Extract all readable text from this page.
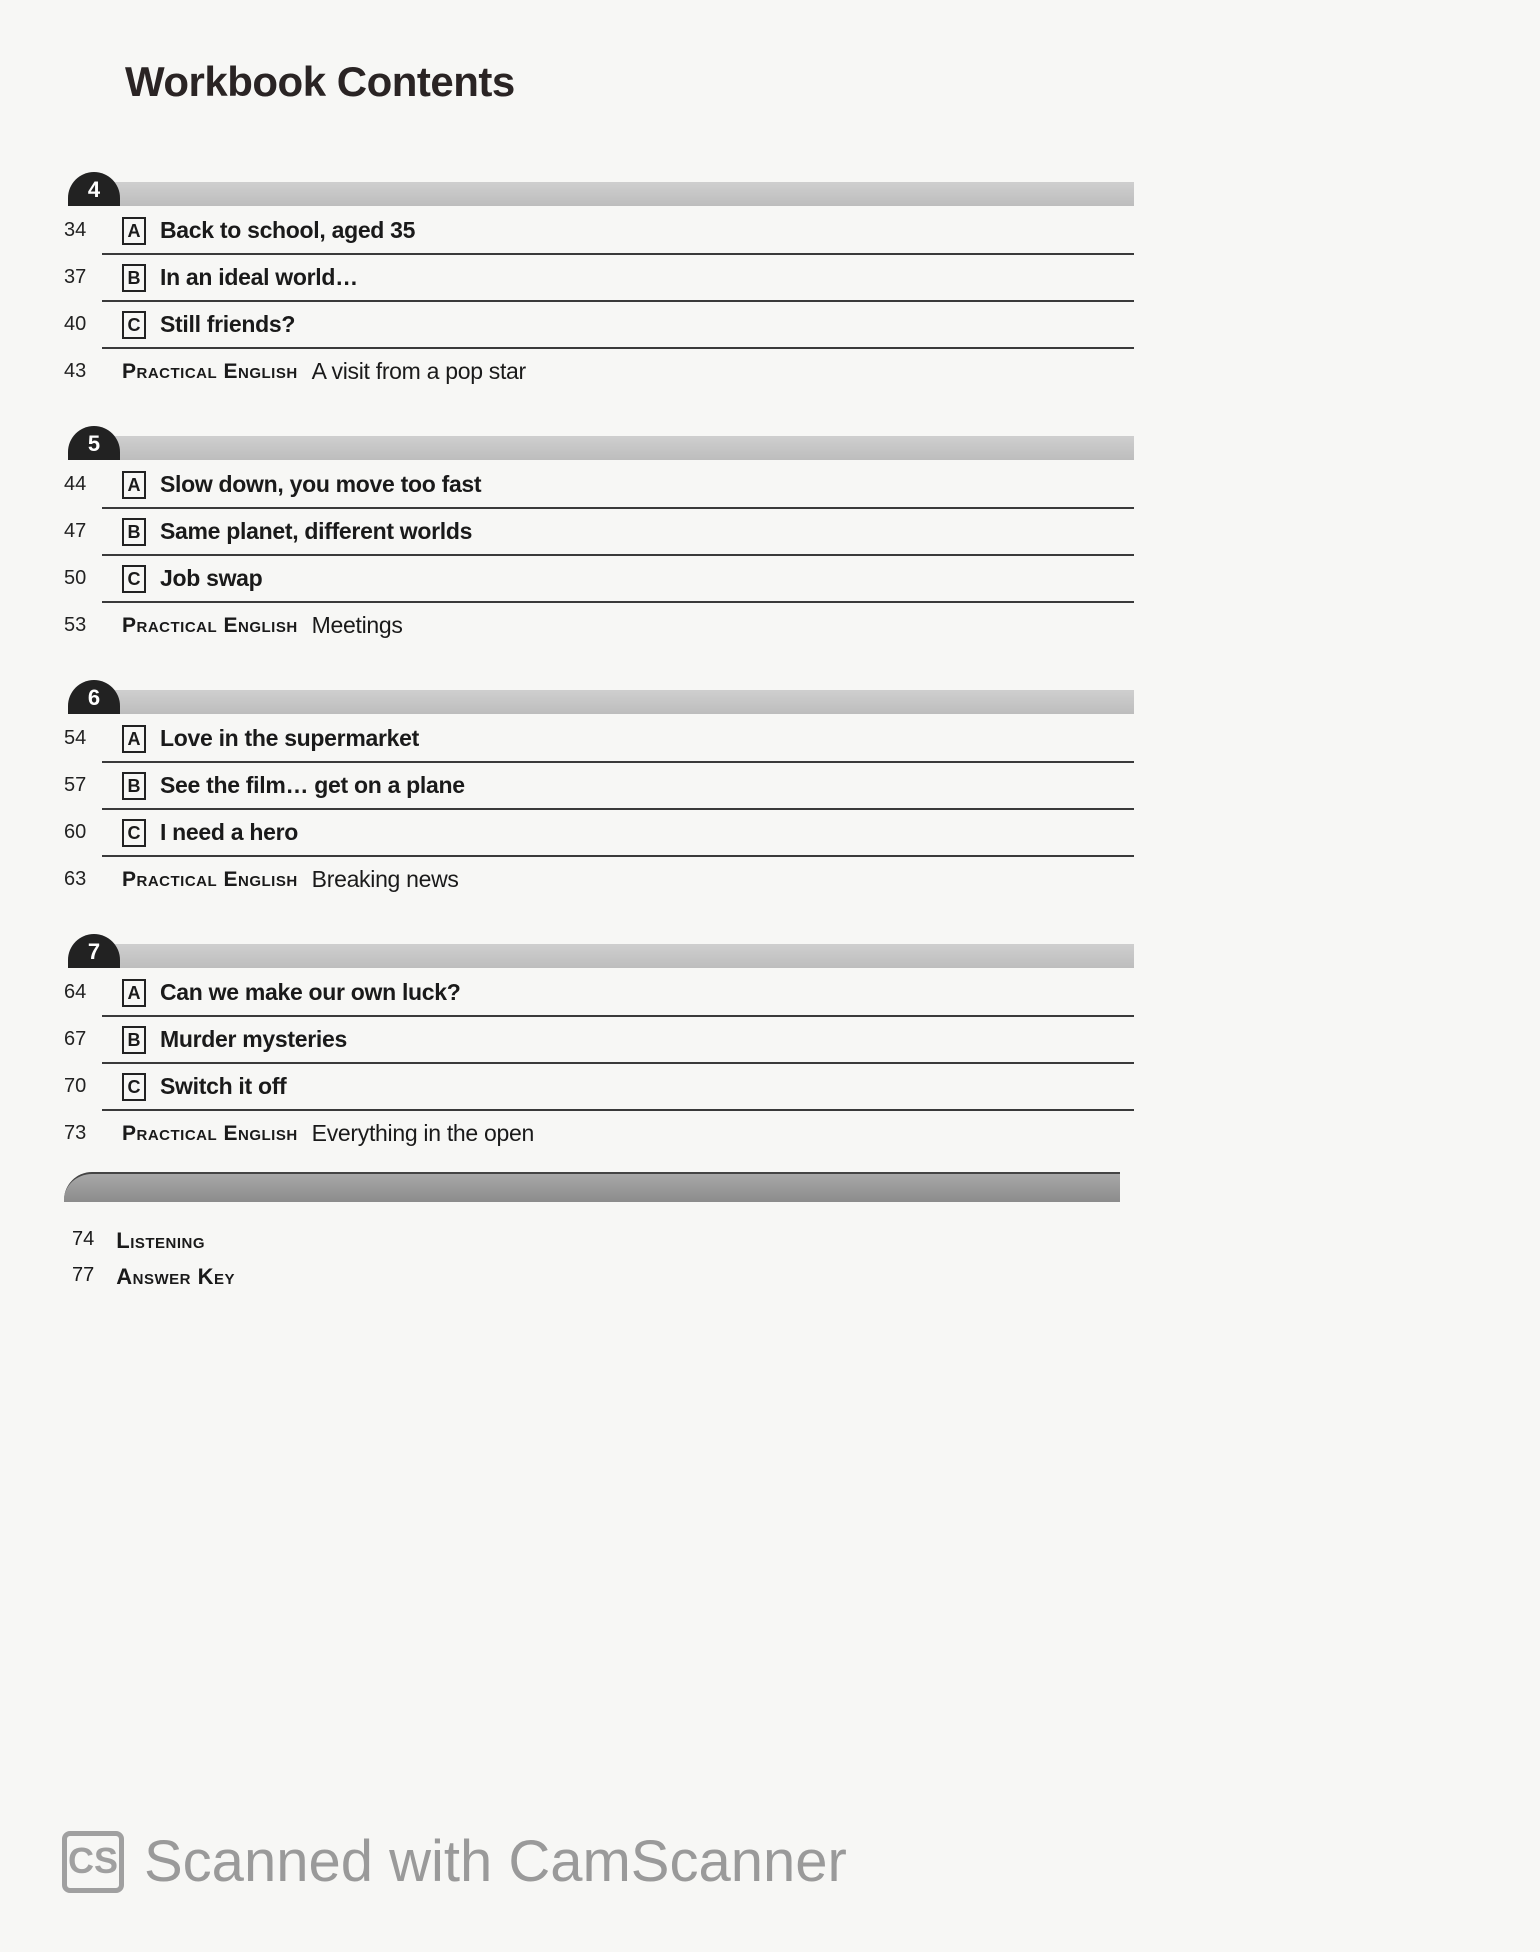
Workbook Contents
4
34	A Back to school, aged 35
37	B In an ideal world…
40	C Still friends?
43	Practical English A visit from a pop star
5
44	A Slow down, you move too fast
47	B Same planet, different worlds
50	C Job swap
53	Practical English Meetings
6
54	A Love in the supermarket
57	B See the film… get on a plane
60	C I need a hero
63	Practical English Breaking news
7
64	A Can we make our own luck?
67	B Murder mysteries
70	C Switch it off
73	Practical English Everything in the open
74 Listening
77 Answer Key
CS Scanned with CamScanner
